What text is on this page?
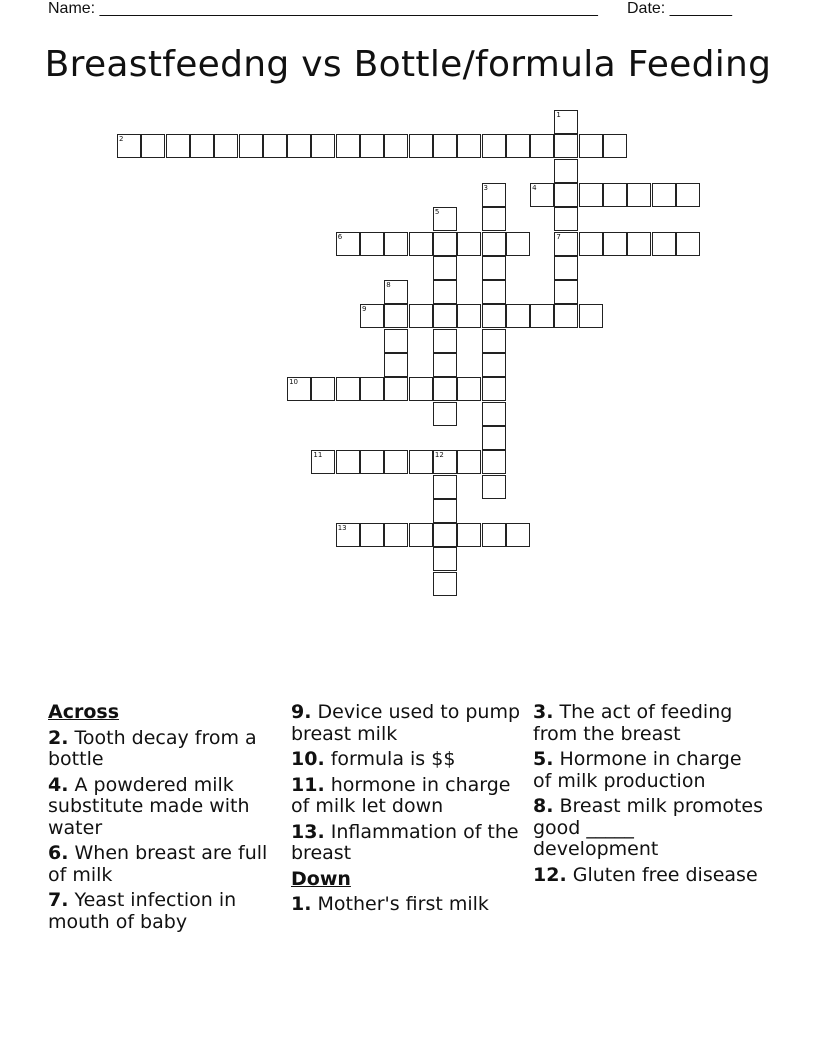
Name: ________________________________________________________ Date: _______
Breastfeedng vs Bottle/formula Feeding
2
4
6	7
9
10
11	12
13
1
3
5
8
Across
2. Tooth decay from a bottle
4. A powdered milk substitute made with water
6. When breast are full of milk
7. Yeast infection in mouth of baby
9. Device used to pump breast milk
10. formula is $$
11. hormone in charge of milk let down
13. Inflammation of the breast
Down
1. Mother's first milk
3. The act of feeding from the breast
5. Hormone in charge of milk production
8. Breast milk promotes good _____ development
12. Gluten free disease
